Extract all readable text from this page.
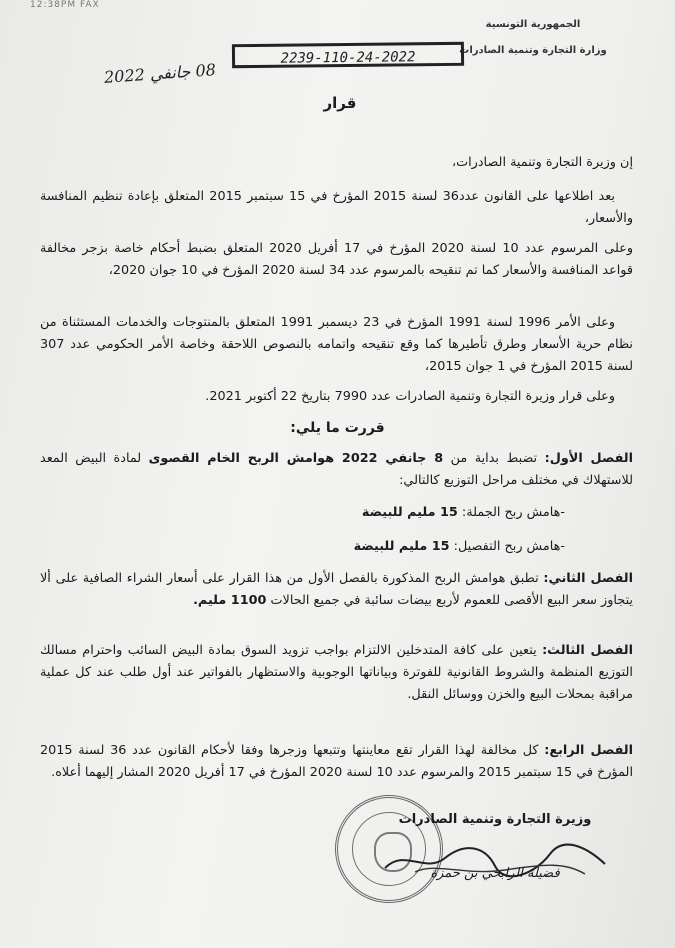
12:38PM FAX
الجمهورية التونسية
وزارة التجارة وتنمية الصادرات
2239-110-24-2022
08 جانفي 2022
قرار
إن وزيرة التجارة وتنمية الصادرات،
بعد اطلاعها على القانون عدد36 لسنة 2015 المؤرخ في 15 سبتمبر 2015 المتعلق بإعادة تنظيم المنافسة والأسعار،
وعلى المرسوم عدد 10 لسنة 2020 المؤرخ في 17 أفريل 2020 المتعلق بضبط أحكام خاصة بزجر مخالفة قواعد المنافسة والأسعار كما تم تنقيحه بالمرسوم عدد 34 لسنة 2020 المؤرخ في 10 جوان 2020،
وعلى الأمر 1996 لسنة 1991 المؤرخ في 23 ديسمبر 1991 المتعلق بالمنتوجات والخدمات المستثناة من نظام حرية الأسعار وطرق تأطيرها كما وقع تنقيحه واتمامه بالنصوص اللاحقة وخاصة الأمر الحكومي عدد 307 لسنة 2015 المؤرخ في 1 جوان 2015،
وعلى قرار وزيرة التجارة وتنمية الصادرات عدد 7990 بتاريخ 22 أكتوبر 2021.
قررت ما يلي:
الفصل الأول: تضبط بداية من 8 جانفي 2022 هوامش الربح الخام القصوى لمادة البيض المعد للاستهلاك في مختلف مراحل التوزيع كالتالي:
-هامش ربح الجملة: 15 مليم للبيضة
-هامش ربح التفصيل: 15 مليم للبيضة
الفصل الثاني: تطبق هوامش الربح المذكورة بالفصل الأول من هذا القرار على أسعار الشراء الصافية على ألا يتجاوز سعر البيع الأقصى للعموم لأربع بيضات سائبة في جميع الحالات 1100 مليم.
الفصل الثالث: يتعين على كافة المتدخلين الالتزام بواجب تزويد السوق بمادة البيض السائب واحترام مسالك التوزيع المنظمة والشروط القانونية للفوترة وبياناتها الوجوبية والاستظهار بالفواتير عند أول طلب عند كل عملية مراقبة بمحلات البيع والخزن ووسائل النقل.
الفصل الرابع: كل مخالفة لهذا القرار تقع معاينتها وتتبعها وزجرها وفقا لأحكام القانون عدد 36 لسنة 2015 المؤرخ في 15 سبتمبر 2015 والمرسوم عدد 10 لسنة 2020 المؤرخ في 17 أفريل 2020 المشار إليهما أعلاه.
وزيرة التجارة وتنمية الصادرات
فضيلة الرابحي بن حمزة
